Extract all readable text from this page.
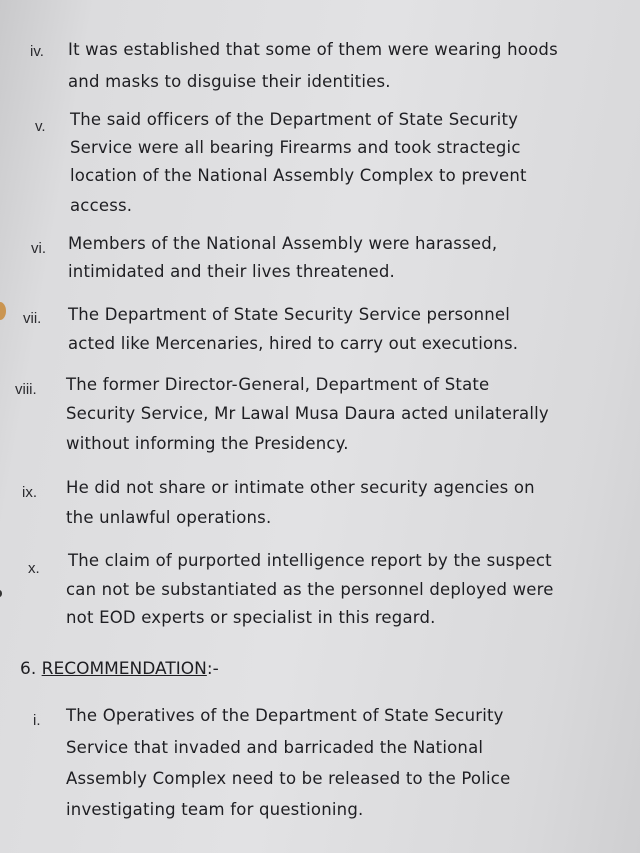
iv. It was established that some of them were wearing hoods
and masks to disguise their identities.
v. The said officers of the Department of State Security
Service were all bearing Firearms and took stractegic
location of the National Assembly Complex to prevent
access.
vi. Members of the National Assembly were harassed,
intimidated and their lives threatened.
vii. The Department of State Security Service personnel
acted like Mercenaries, hired to carry out executions.
viii. The former Director-General, Department of State
Security Service, Mr Lawal Musa Daura acted unilaterally
without informing the Presidency.
ix. He did not share or intimate other security agencies on
the unlawful operations.
x. The claim of purported intelligence report by the suspect
can not be substantiated as the personnel deployed were
not EOD experts or specialist in this regard.
6. RECOMMENDATION:-
i. The Operatives of the Department of State Security
Service that invaded and barricaded the National
Assembly Complex need to be released to the Police
investigating team for questioning.
